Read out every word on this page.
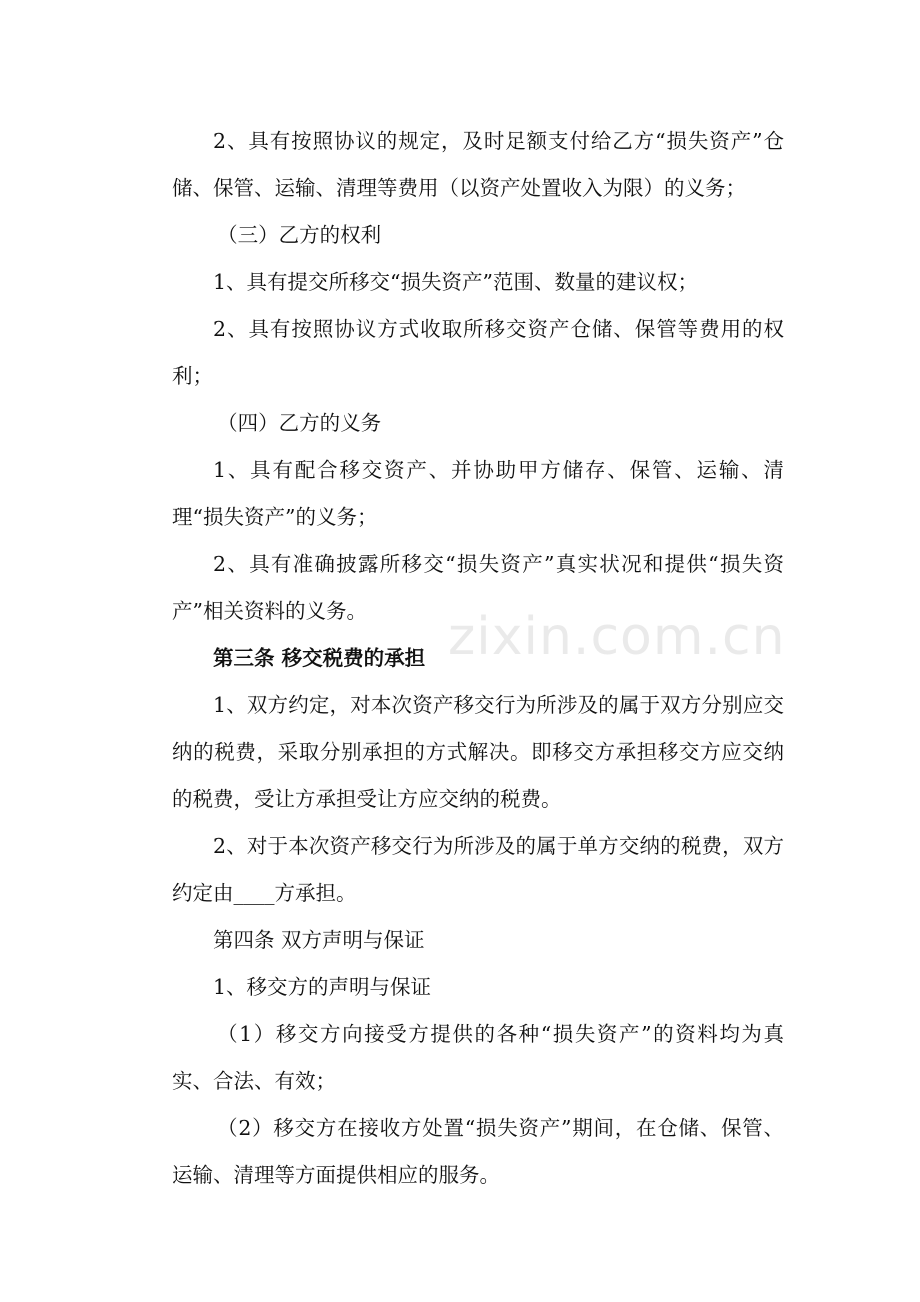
2、具有按照协议的规定，及时足额支付给乙方“损失资产”仓储、保管、运输、清理等费用（以资产处置收入为限）的义务；

（三）乙方的权利

1、具有提交所移交“损失资产”范围、数量的建议权；

2、具有按照协议方式收取所移交资产仓储、保管等费用的权利；

（四）乙方的义务

1、具有配合移交资产、并协助甲方储存、保管、运输、清理“损失资产”的义务；

2、具有准确披露所移交“损失资产”真实状况和提供“损失资产”相关资料的义务。

第三条 移交税费的承担

1、双方约定，对本次资产移交行为所涉及的属于双方分别应交纳的税费，采取分别承担的方式解决。即移交方承担移交方应交纳的税费，受让方承担受让方应交纳的税费。

2、对于本次资产移交行为所涉及的属于单方交纳的税费，双方约定由____方承担。

第四条 双方声明与保证

1、移交方的声明与保证

（1）移交方向接受方提供的各种“损失资产”的资料均为真实、合法、有效；

（2）移交方在接收方处置“损失资产”期间，在仓储、保管、运输、清理等方面提供相应的服务。

zixin.com.cn
